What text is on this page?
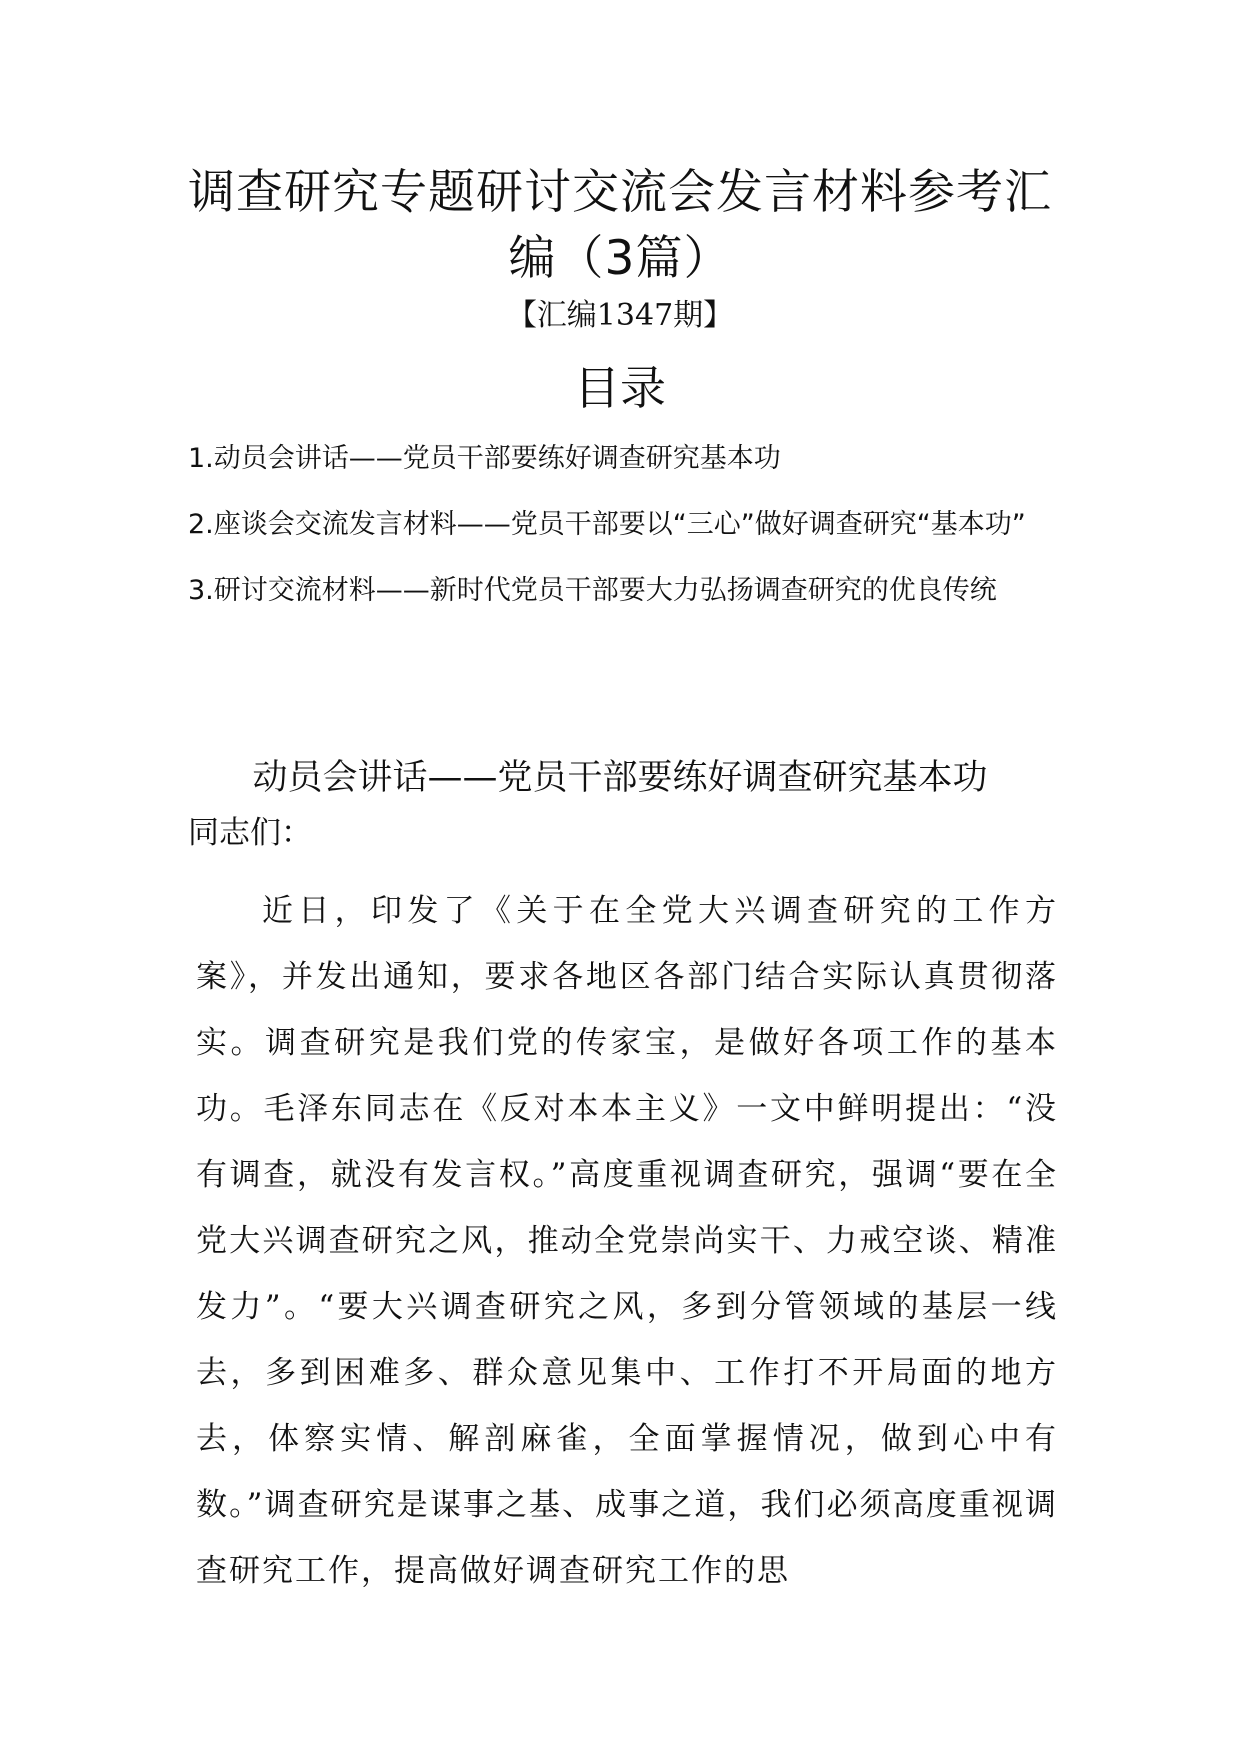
调查研究专题研讨交流会发言材料参考汇编（3篇）
【汇编1347期】
目录
1.动员会讲话——党员干部要练好调查研究基本功
2.座谈会交流发言材料——党员干部要以“三心”做好调查研究“基本功”
3.研讨交流材料——新时代党员干部要大力弘扬调查研究的优良传统
动员会讲话——党员干部要练好调查研究基本功
同志们：

近日，印发了《关于在全党大兴调查研究的工作方案》，并发出通知，要求各地区各部门结合实际认真贯彻落实。调查研究是我们党的传家宝，是做好各项工作的基本功。毛泽东同志在《反对本本主义》一文中鲜明提出：“没有调查，就没有发言权。”高度重视调查研究，强调“要在全党大兴调查研究之风，推动全党崇尚实干、力戒空谈、精准发力”。“要大兴调查研究之风，多到分管领域的基层一线去，多到困难多、群众意见集中、工作打不开局面的地方去，体察实情、解剖麻雀，全面掌握情况，做到心中有数。”调查研究是谋事之基、成事之道，我们必须高度重视调查研究工作，提高做好调查研究工作的思
